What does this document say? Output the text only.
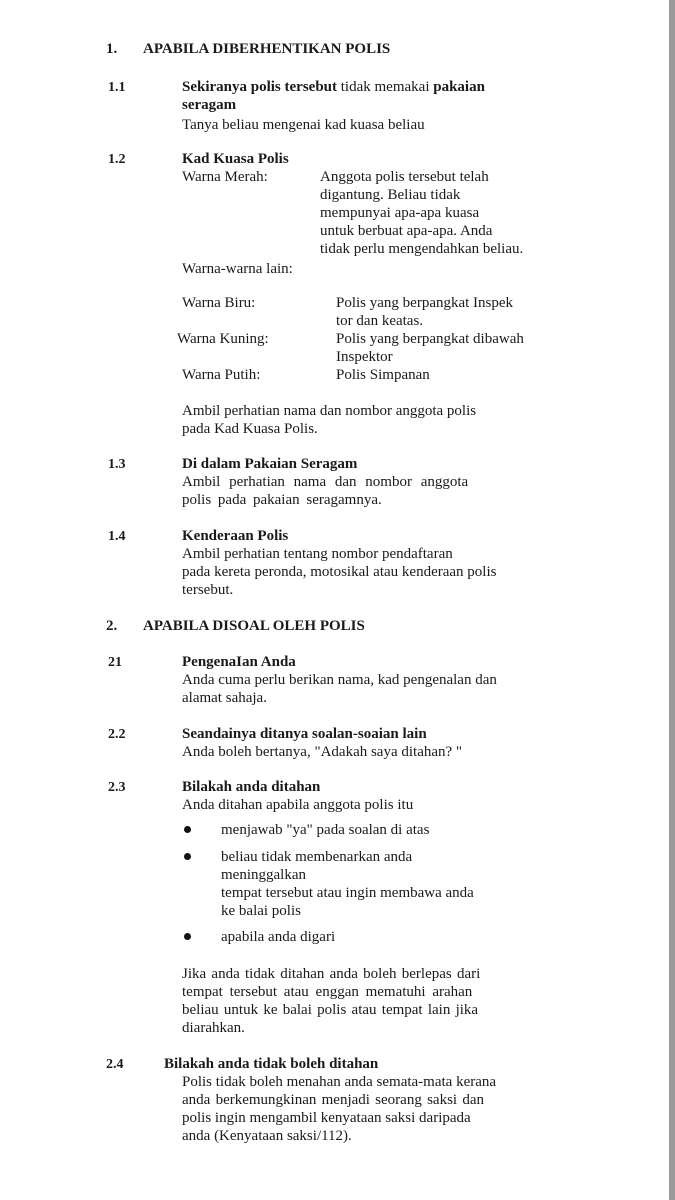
1. APABILA DIBERHENTIKAN POLIS
1.1	Sekiranya polis tersebut tidak memakai pakaian
seragam
Tanya beliau mengenai kad kuasa beliau
1.2	Kad Kuasa Polis
Warna Merah:	Anggota polis tersebut telah
digantung. Beliau tidak
mempunyai apa-apa kuasa
untuk berbuat apa-apa. Anda
tidak perlu mengendahkan beliau.
Warna-warna lain:
Warna Biru:	Polis yang berpangkat Inspek
tor dan keatas.
Warna Kuning:	Polis yang berpangkat dibawah
Inspektor
Warna Putih:	Polis Simpanan
Ambil perhatian nama dan nombor anggota polis
pada Kad Kuasa Polis.
1.3	Di dalam Pakaian Seragam
Ambil perhatian nama dan nombor anggota
polis pada pakaian seragamnya.
1.4	Kenderaan Polis
Ambil perhatian tentang nombor pendaftaran
pada kereta peronda, motosikal atau kenderaan polis
tersebut.
2. APABILA DISOAL OLEH POLIS
21	PengenaIan Anda
Anda cuma perlu berikan nama, kad pengenalan dan
alamat sahaja.
2.2	Seandainya ditanya soalan-soaian lain
Anda boleh bertanya, "Adakah saya ditahan? "
2.3	Bilakah anda ditahan
Anda ditahan apabila anggota polis itu
menjawab "ya" pada soalan di atas
beliau tidak membenarkan anda
meninggalkan
tempat tersebut atau ingin membawa anda
ke balai polis
apabila anda digari
Jika anda tidak ditahan anda boleh berlepas dari
tempat tersebut atau enggan mematuhi arahan
beliau untuk ke balai polis atau tempat lain jika
diarahkan.
2.4	Bilakah anda tidak boleh ditahan
Polis tidak boleh menahan anda semata-mata kerana
anda berkemungkinan menjadi seorang saksi dan
polis ingin mengambil kenyataan saksi daripada
anda (Kenyataan saksi/112).
